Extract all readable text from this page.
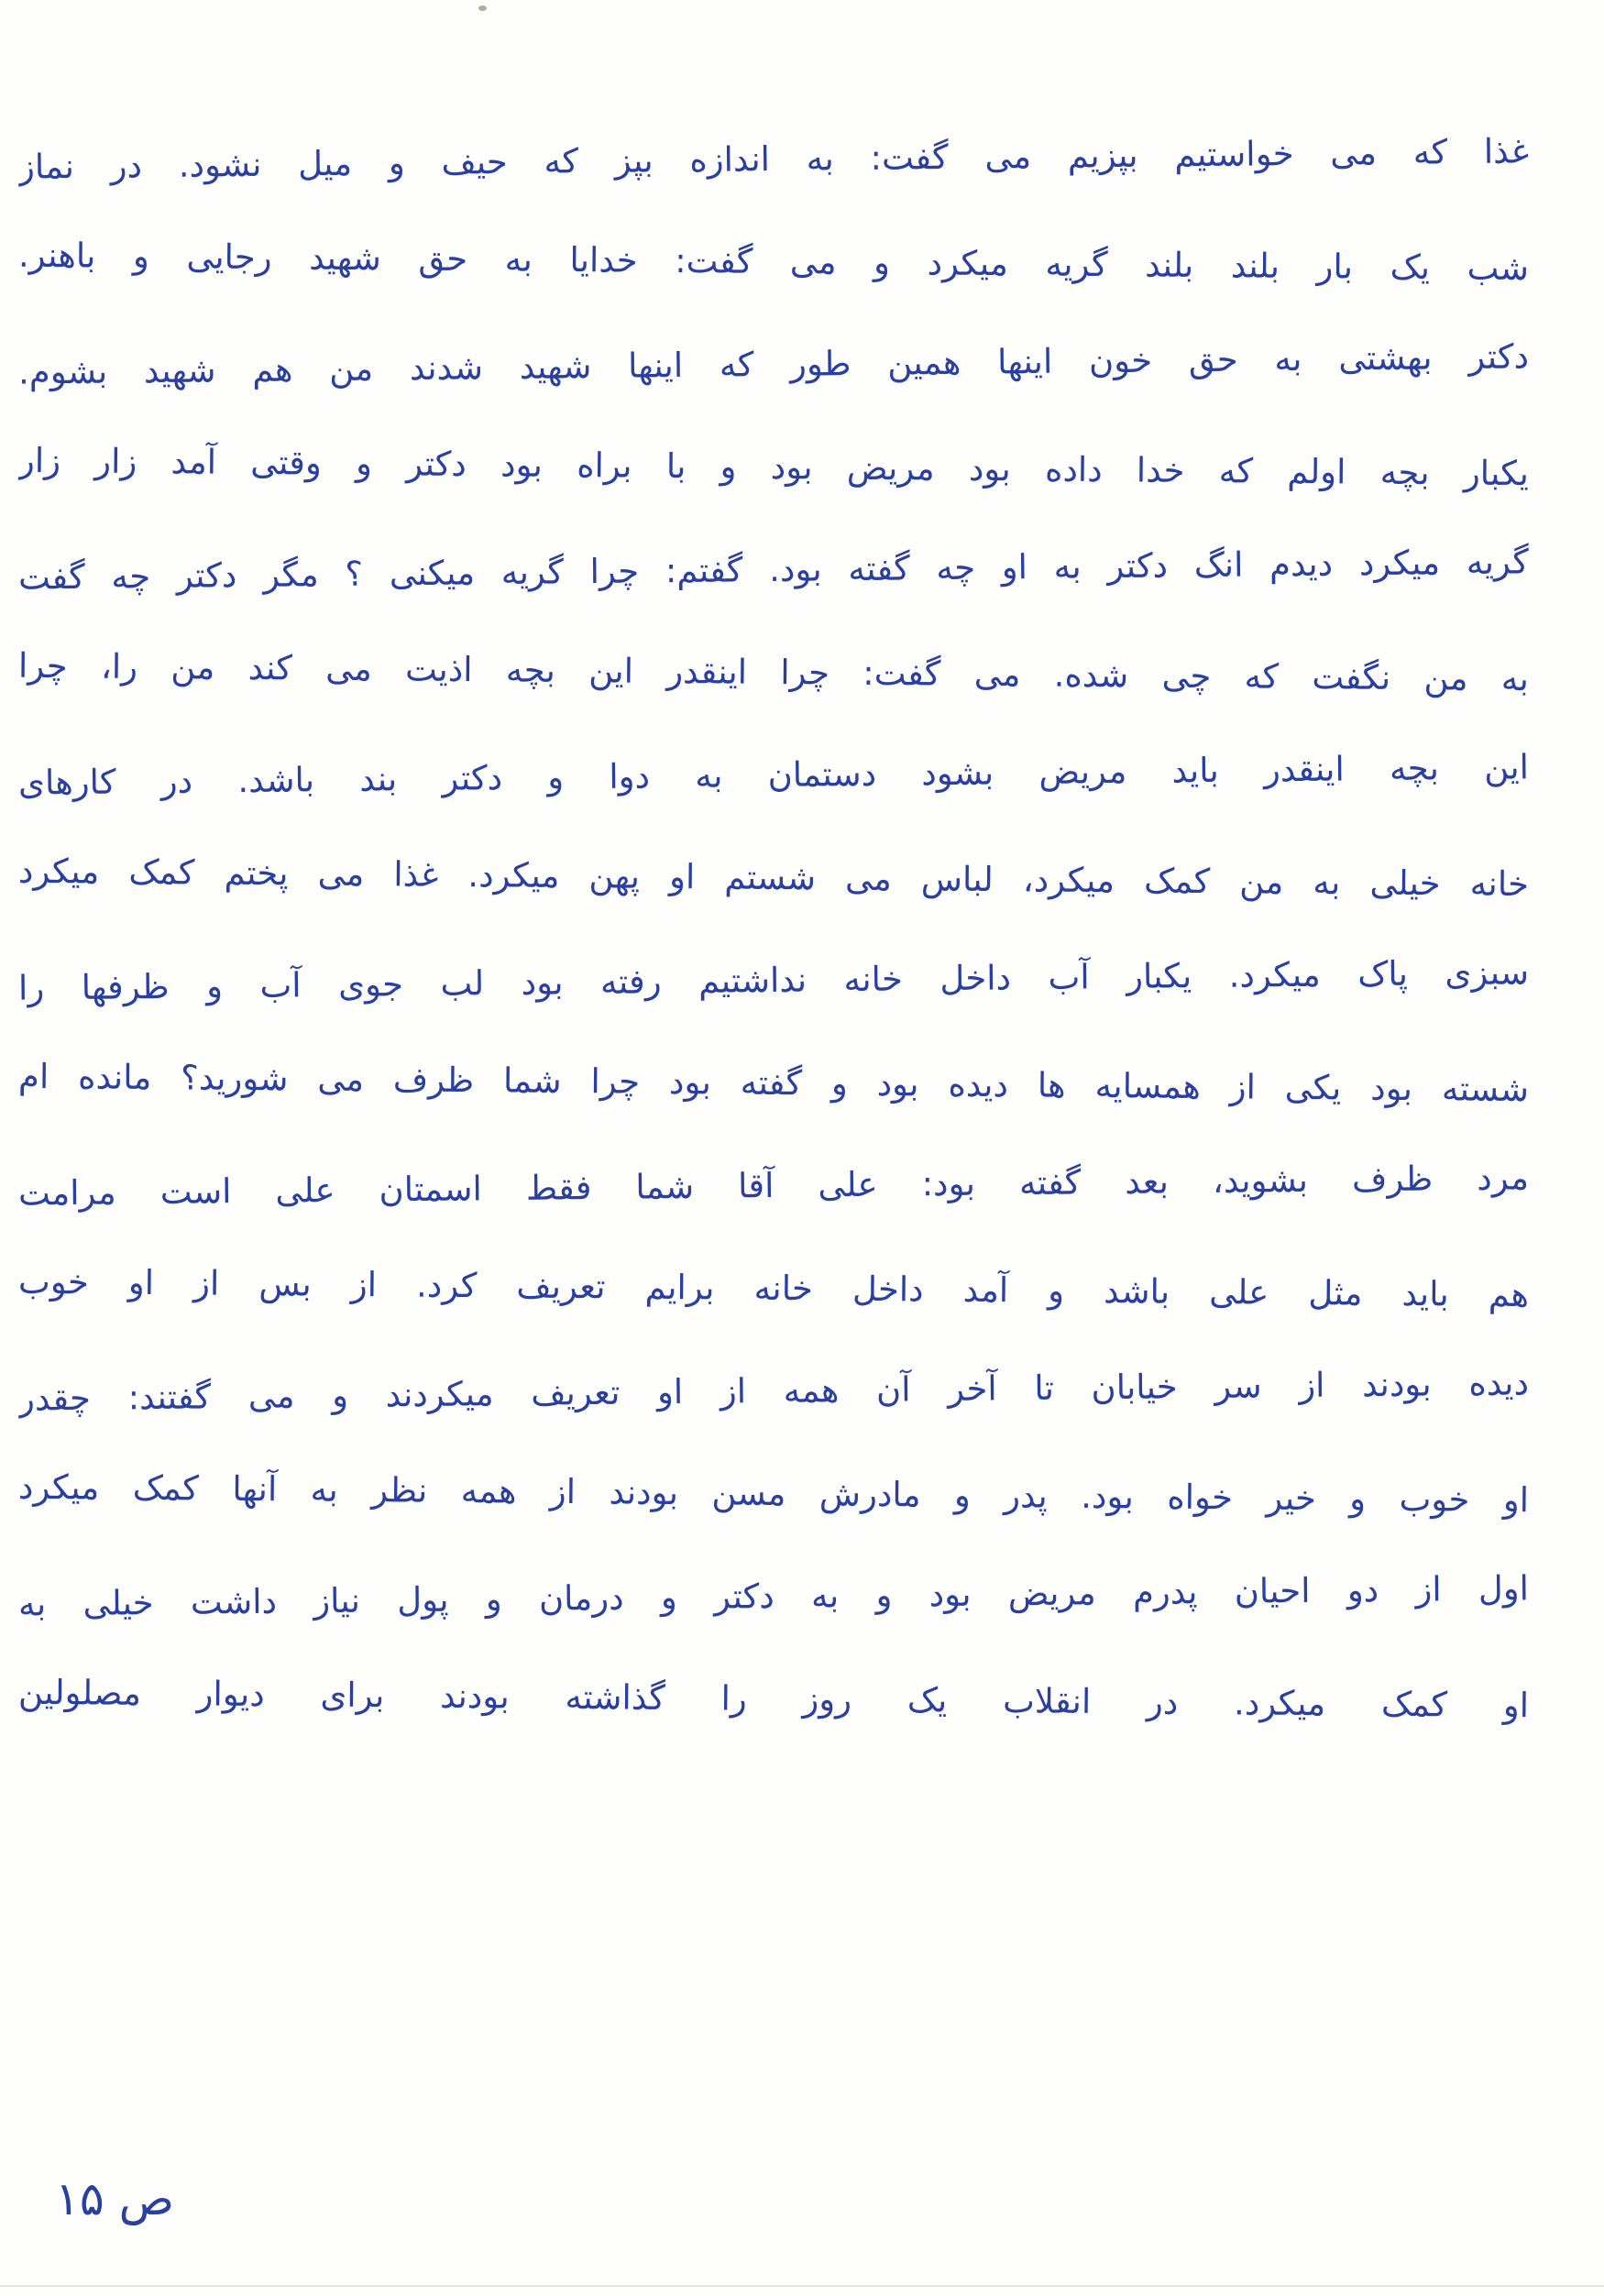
غذا که می خواستیم بپزیم می گفت: به اندازه بپز که حیف و میل نشود. در نماز
شب یک بار بلند بلند گریه میکرد و می گفت: خدایا به حق شهید رجایی و باهنر.
دکتر بهشتی به حق خون اینها همین طور که اینها شهید شدند من هم شهید بشوم.
یکبار بچه اولم که خدا داده بود مریض بود و با براه بود دکتر و وقتی آمد زار زار
گریه میکرد دیدم انگ دکتر به او چه گفته بود. گفتم: چرا گریه میکنی ؟ مگر دکتر چه گفت
به من نگفت که چی شده. می گفت: چرا اینقدر این بچه اذیت می کند من را، چرا
این بچه اینقدر باید مریض بشود دستمان به دوا و دکتر بند باشد. در کارهای
خانه خیلی به من کمک میکرد، لباس می شستم او پهن میکرد. غذا می پختم کمک میکرد
سبزی پاک میکرد. یکبار آب داخل خانه نداشتیم رفته بود لب جوی آب و ظرفها را
شسته بود یکی از همسایه ها دیده بود و گفته بود چرا شما ظرف می شورید؟ مانده ام
مرد ظرف بشوید، بعد گفته بود: علی آقا شما فقط اسمتان علی است مرامت
هم باید مثل علی باشد و آمد داخل خانه برایم تعریف کرد. از بس از او خوب
دیده بودند از سر خیابان تا آخر آن همه از او تعریف میکردند و می گفتند: چقدر
او خوب و خیر خواه بود. پدر و مادرش مسن بودند از همه نظر به آنها کمک میکرد
اول از دو احیان پدرم مریض بود و به دکتر و درمان و پول نیاز داشت خیلی به
او کمک میکرد. در انقلاب یک روز را گذاشته بودند برای دیوار مصلولین
ص ۱۵
